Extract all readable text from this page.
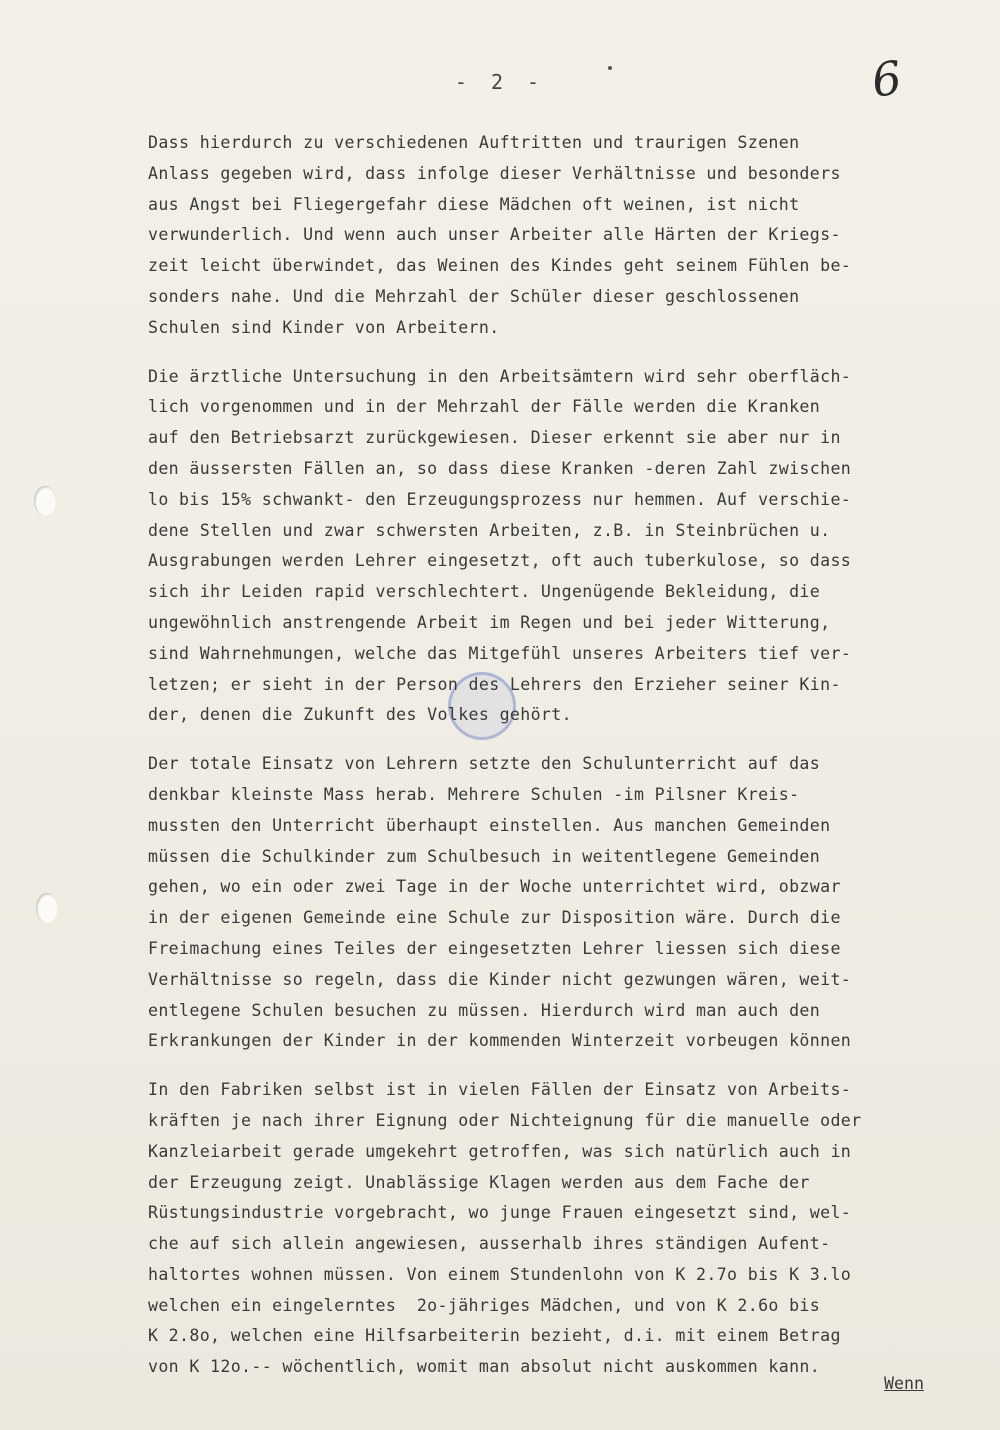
- 2 -	6
Dass hierdurch zu verschiedenen Auftritten und traurigen Szenen
Anlass gegeben wird, dass infolge dieser Verhältnisse und besonders
aus Angst bei Fliegergefahr diese Mädchen oft weinen, ist nicht
verwunderlich. Und wenn auch unser Arbeiter alle Härten der Kriegs-
zeit leicht überwindet, das Weinen des Kindes geht seinem Fühlen be-
sonders nahe. Und die Mehrzahl der Schüler dieser geschlossenen
Schulen sind Kinder von Arbeitern.
Die ärztliche Untersuchung in den Arbeitsämtern wird sehr oberfläch-
lich vorgenommen und in der Mehrzahl der Fälle werden die Kranken
auf den Betriebsarzt zurückgewiesen. Dieser erkennt sie aber nur in
den äussersten Fällen an, so dass diese Kranken -deren Zahl zwischen
lo bis 15% schwankt- den Erzeugungsprozess nur hemmen. Auf verschie-
dene Stellen und zwar schwersten Arbeiten, z.B. in Steinbrüchen u.
Ausgrabungen werden Lehrer eingesetzt, oft auch tuberkulose, so dass
sich ihr Leiden rapid verschlechtert. Ungenügende Bekleidung, die
ungewöhnlich anstrengende Arbeit im Regen und bei jeder Witterung,
sind Wahrnehmungen, welche das Mitgefühl unseres Arbeiters tief ver-
letzen; er sieht in der Person des Lehrers den Erzieher seiner Kin-
der, denen die Zukunft des Volkes gehört.
Der totale Einsatz von Lehrern setzte den Schulunterricht auf das
denkbar kleinste Mass herab. Mehrere Schulen -im Pilsner Kreis-
mussten den Unterricht überhaupt einstellen. Aus manchen Gemeinden
müssen die Schulkinder zum Schulbesuch in weitentlegene Gemeinden
gehen, wo ein oder zwei Tage in der Woche unterrichtet wird, obzwar
in der eigenen Gemeinde eine Schule zur Disposition wäre. Durch die
Freimachung eines Teiles der eingesetzten Lehrer liessen sich diese
Verhältnisse so regeln, dass die Kinder nicht gezwungen wären, weit-
entlegene Schulen besuchen zu müssen. Hierdurch wird man auch den
Erkrankungen der Kinder in der kommenden Winterzeit vorbeugen können
In den Fabriken selbst ist in vielen Fällen der Einsatz von Arbeits-
kräften je nach ihrer Eignung oder Nichteignung für die manuelle oder
Kanzleiarbeit gerade umgekehrt getroffen, was sich natürlich auch in
der Erzeugung zeigt. Unablässige Klagen werden aus dem Fache der
Rüstungsindustrie vorgebracht, wo junge Frauen eingesetzt sind, wel-
che auf sich allein angewiesen, ausserhalb ihres ständigen Aufent-
haltortes wohnen müssen. Von einem Stundenlohn von K 2.7o bis K 3.lo
welchen ein eingelerntes  2o-jähriges Mädchen, und von K 2.6o bis
K 2.8o, welchen eine Hilfsarbeiterin bezieht, d.i. mit einem Betrag
von K 12o.-- wöchentlich, womit man absolut nicht auskommen kann.
Wenn
